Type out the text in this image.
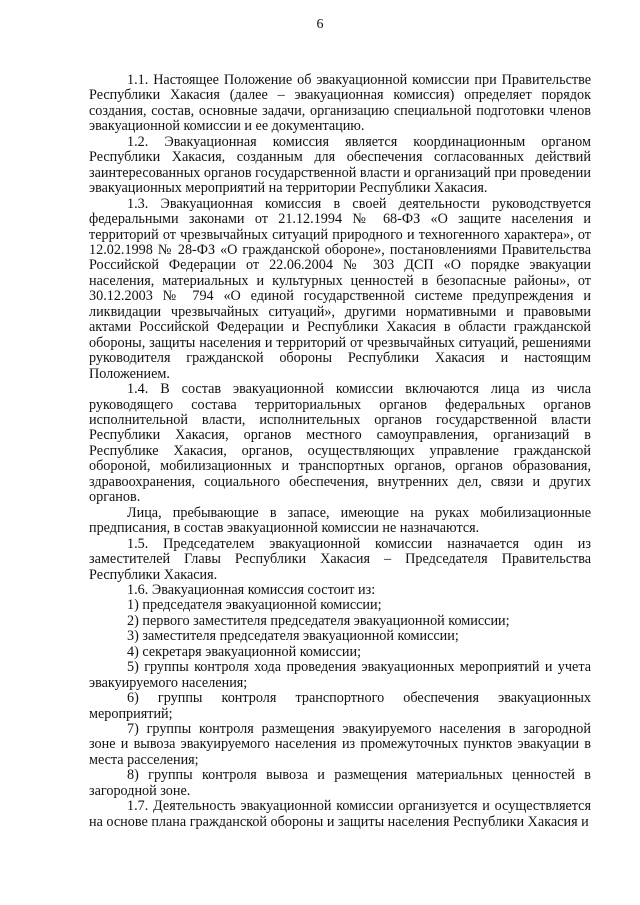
6

1.1. Настоящее Положение об эвакуационной комиссии при Правительстве Республики Хакасия (далее – эвакуационная комиссия) определяет порядок создания, состав, основные задачи, организацию специальной подготовки членов эвакуационной комиссии и ее документацию.

1.2. Эвакуационная комиссия является координационным органом Республики Хакасия, созданным для обеспечения согласованных действий заинтересованных органов государственной власти и организаций при проведении эвакуационных мероприятий на территории Республики Хакасия.

1.3. Эвакуационная комиссия в своей деятельности руководствуется федеральными законами от 21.12.1994 № 68-ФЗ «О защите населения и территорий от чрезвычайных ситуаций природного и техногенного характера», от 12.02.1998 № 28-ФЗ «О гражданской обороне», постановлениями Правительства Российской Федерации от 22.06.2004 № 303 ДСП «О порядке эвакуации населения, материальных и культурных ценностей в безопасные районы», от 30.12.2003 № 794 «О единой государственной системе предупреждения и ликвидации чрезвычайных ситуаций», другими нормативными и правовыми актами Российской Федерации и Республики Хакасия в области гражданской обороны, защиты населения и территорий от чрезвычайных ситуаций, решениями руководителя гражданской обороны Республики Хакасия и настоящим Положением.

1.4. В состав эвакуационной комиссии включаются лица из числа руководящего состава территориальных органов федеральных органов исполнительной власти, исполнительных органов государственной власти Республики Хакасия, органов местного самоуправления, организаций в Республике Хакасия, органов, осуществляющих управление гражданской обороной, мобилизационных и транспортных органов, органов образования, здравоохранения, социального обеспечения, внутренних дел, связи и других органов.

Лица, пребывающие в запасе, имеющие на руках мобилизационные предписания, в состав эвакуационной комиссии не назначаются.

1.5. Председателем эвакуационной комиссии назначается один из заместителей Главы Республики Хакасия – Председателя Правительства Республики Хакасия.

1.6. Эвакуационная комиссия состоит из:

1) председателя эвакуационной комиссии;

2) первого заместителя председателя эвакуационной комиссии;

3) заместителя председателя эвакуационной комиссии;

4) секретаря эвакуационной комиссии;

5) группы контроля хода проведения эвакуационных мероприятий и учета эвакуируемого населения;

6) группы контроля транспортного обеспечения эвакуационных мероприятий;

7) группы контроля размещения эвакуируемого населения в загородной зоне и вывоза эвакуируемого населения из промежуточных пунктов эвакуации в места расселения;

8) группы контроля вывоза и размещения материальных ценностей в загородной зоне.

1.7. Деятельность эвакуационной комиссии организуется и осуществляется на основе плана гражданской обороны и защиты населения Республики Хакасия и
